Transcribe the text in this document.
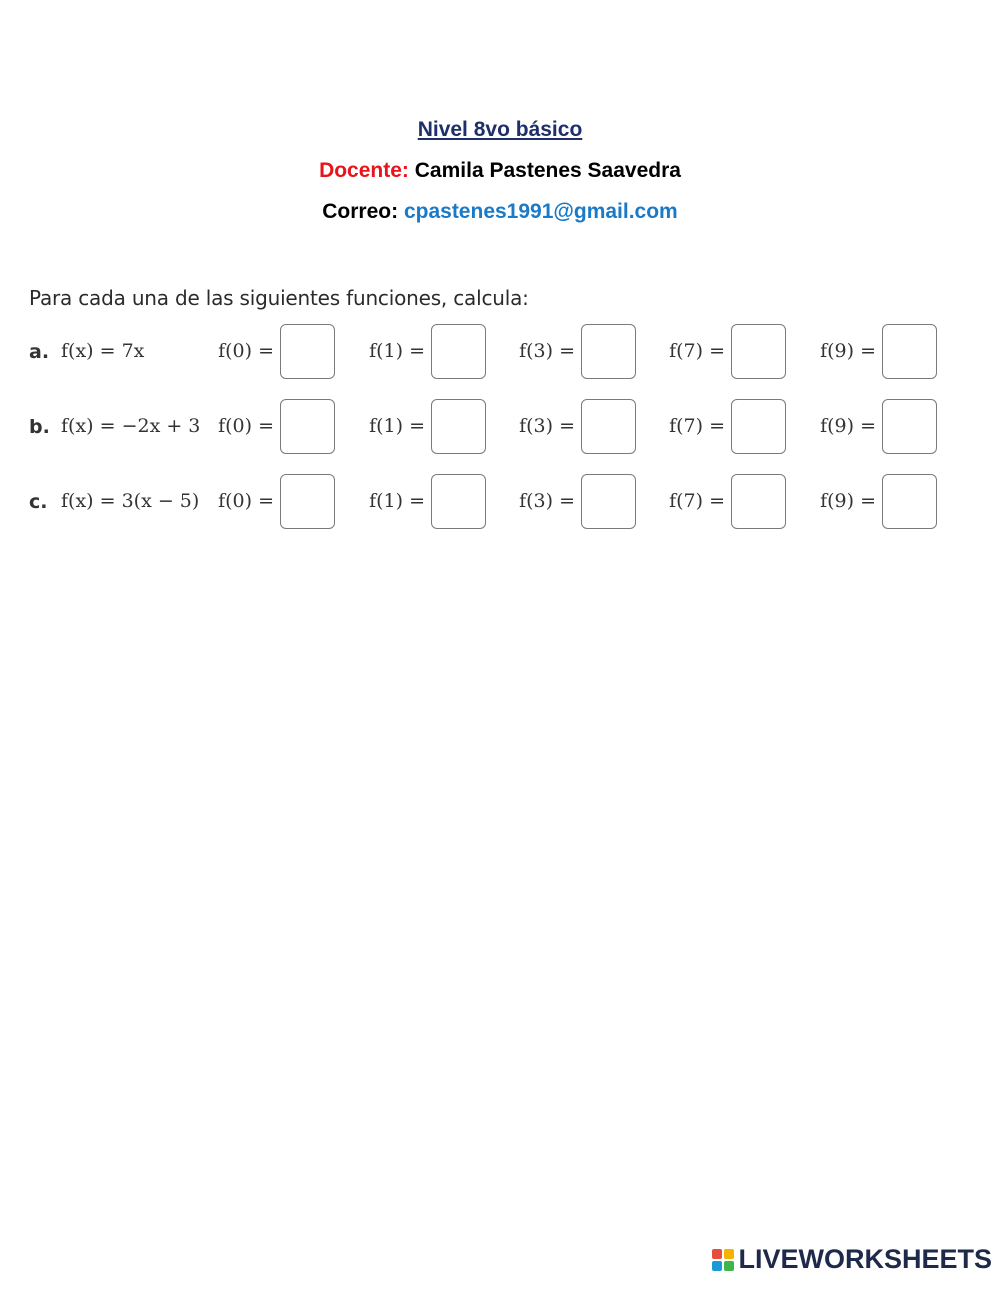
Nivel 8vo básico
Docente: Camila Pastenes Saavedra
Correo: cpastenes1991@gmail.com
Para cada una de las siguientes funciones, calcula:
a. f(x) = 7x	f(0) =	f(1) =	f(3) =	f(7) =	f(9) =
b. f(x) = −2x + 3 f(0) =	f(1) =	f(3) =	f(7) =	f(9) =
c. f(x) = 3(x − 5) f(0) =	f(1) =	f(3) =	f(7) =	f(9) =
LIVEWORKSHEETS
